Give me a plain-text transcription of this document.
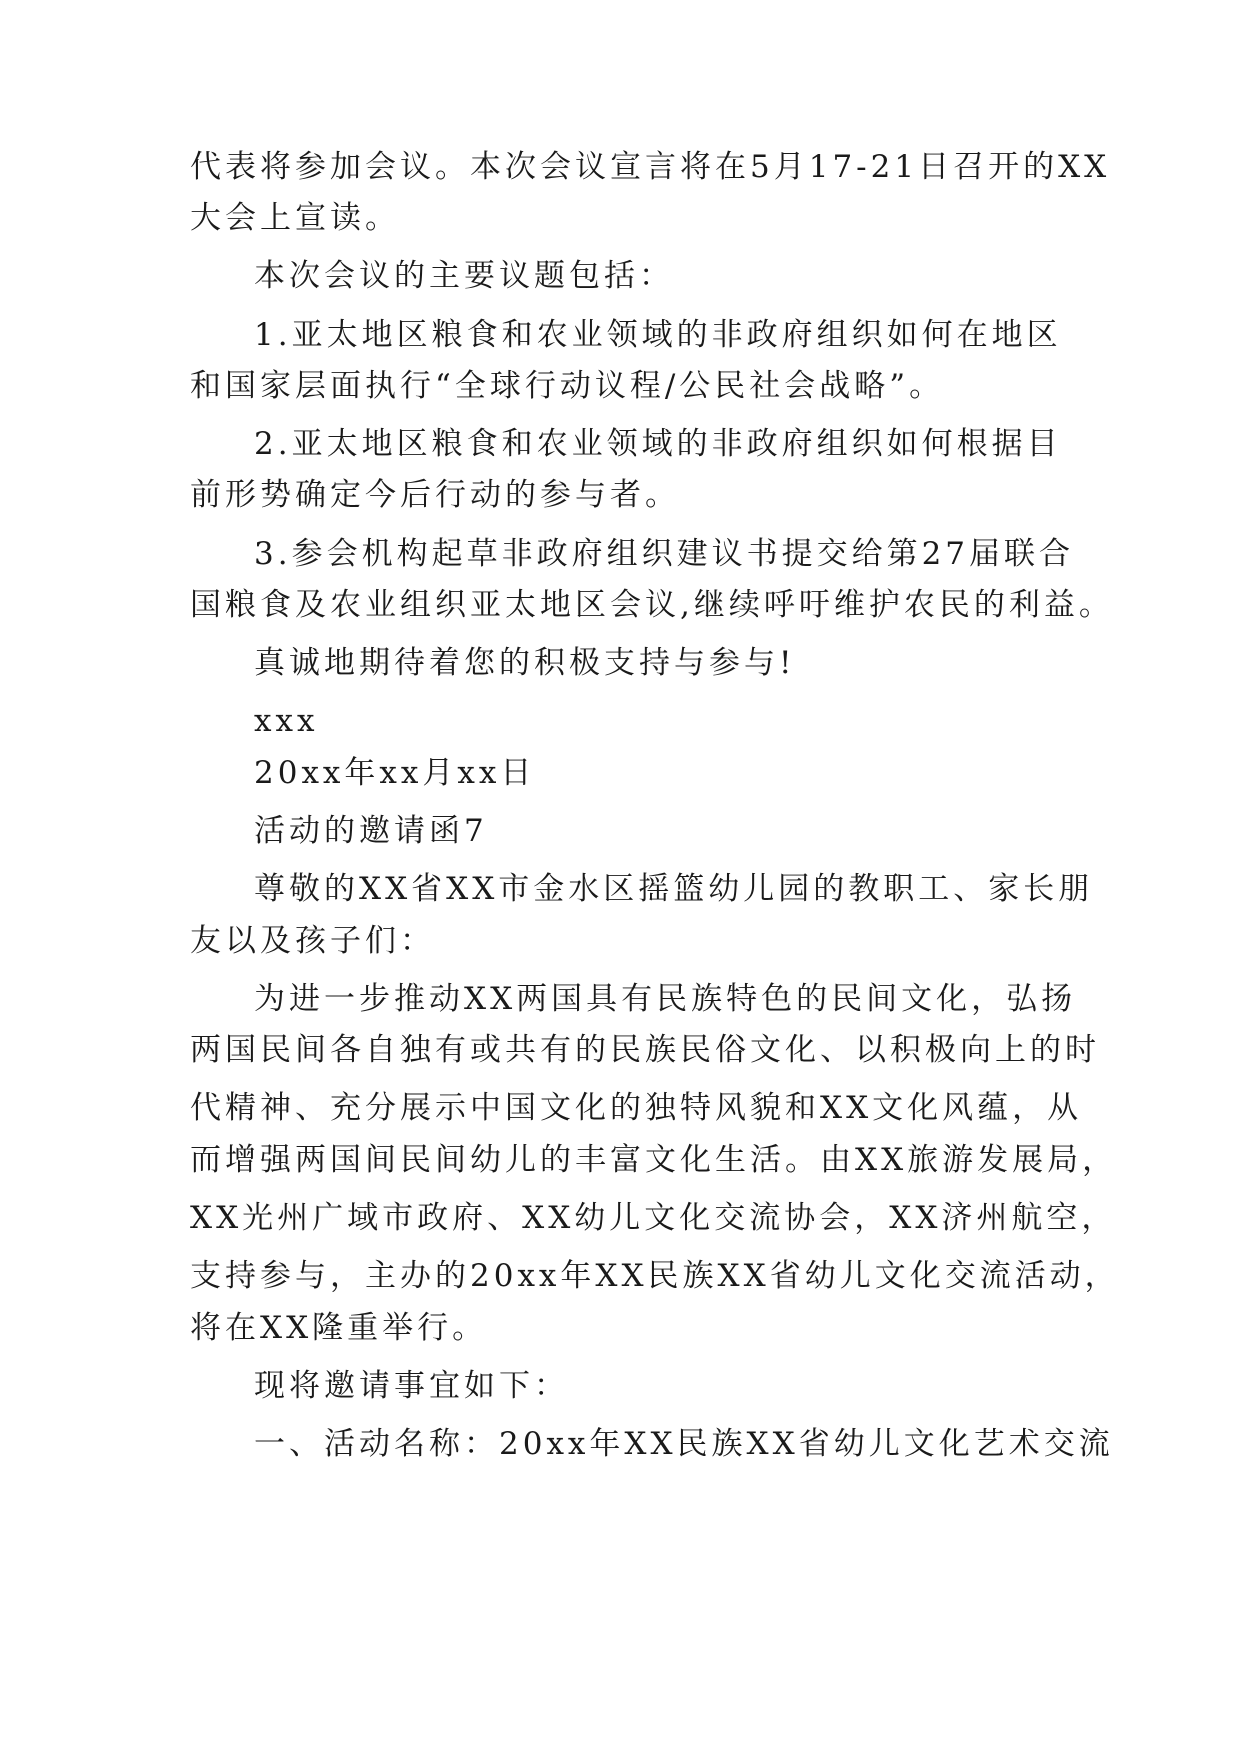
代表将参加会议。本次会议宣言将在5月17-21日召开的XX
大会上宣读。
本次会议的主要议题包括：
1.亚太地区粮食和农业领域的非政府组织如何在地区
和国家层面执行“全球行动议程/公民社会战略”。
2.亚太地区粮食和农业领域的非政府组织如何根据目
前形势确定今后行动的参与者。
3.参会机构起草非政府组织建议书提交给第27届联合
国粮食及农业组织亚太地区会议,继续呼吁维护农民的利益。
真诚地期待着您的积极支持与参与!
xxx
20xx年xx月xx日
活动的邀请函7
尊敬的XX省XX市金水区摇篮幼儿园的教职工、家长朋
友以及孩子们：
为进一步推动XX两国具有民族特色的民间文化，弘扬
两国民间各自独有或共有的民族民俗文化、以积极向上的时
代精神、充分展示中国文化的独特风貌和XX文化风蕴，从
而增强两国间民间幼儿的丰富文化生活。由XX旅游发展局，
XX光州广域市政府、XX幼儿文化交流协会，XX济州航空，
支持参与，主办的20xx年XX民族XX省幼儿文化交流活动，
将在XX隆重举行。
现将邀请事宜如下：
一、活动名称：20xx年XX民族XX省幼儿文化艺术交流
